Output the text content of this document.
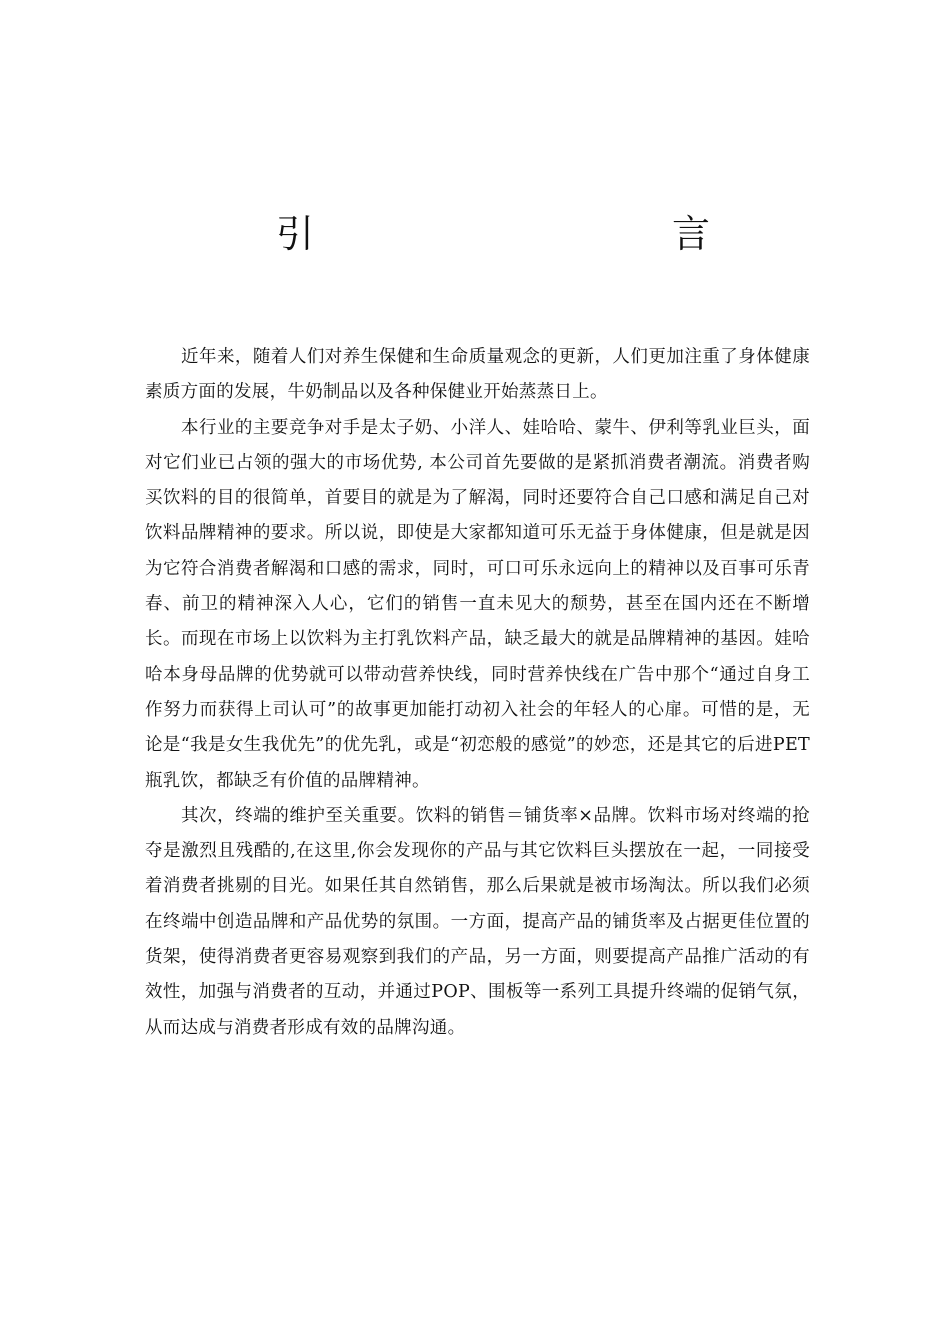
引	言

近年来，随着人们对养生保健和生命质量观念的更新，人们更加注重了身体健康素质方面的发展，牛奶制品以及各种保健业开始蒸蒸日上。

本行业的主要竞争对手是太子奶、小洋人、娃哈哈、蒙牛、伊利等乳业巨头，面对它们业已占领的强大的市场优势, 本公司首先要做的是紧抓消费者潮流。消费者购买饮料的目的很简单，首要目的就是为了解渴，同时还要符合自己口感和满足自己对饮料品牌精神的要求。所以说，即使是大家都知道可乐无益于身体健康，但是就是因为它符合消费者解渴和口感的需求，同时，可口可乐永远向上的精神以及百事可乐青春、前卫的精神深入人心，它们的销售一直未见大的颓势，甚至在国内还在不断增长。而现在市场上以饮料为主打乳饮料产品，缺乏最大的就是品牌精神的基因。娃哈哈本身母品牌的优势就可以带动营养快线，同时营养快线在广告中那个“通过自身工作努力而获得上司认可”的故事更加能打动初入社会的年轻人的心扉。可惜的是，无论是“我是女生我优先”的优先乳，或是“初恋般的感觉”的妙恋，还是其它的后进PET瓶乳饮，都缺乏有价值的品牌精神。

其次，终端的维护至关重要。饮料的销售＝铺货率×品牌。饮料市场对终端的抢夺是激烈且残酷的,在这里,你会发现你的产品与其它饮料巨头摆放在一起，一同接受着消费者挑剔的目光。如果任其自然销售，那么后果就是被市场淘汰。所以我们必须在终端中创造品牌和产品优势的氛围。一方面，提高产品的铺货率及占据更佳位置的货架，使得消费者更容易观察到我们的产品，另一方面，则要提高产品推广活动的有效性，加强与消费者的互动，并通过POP、围板等一系列工具提升终端的促销气氛，从而达成与消费者形成有效的品牌沟通。
